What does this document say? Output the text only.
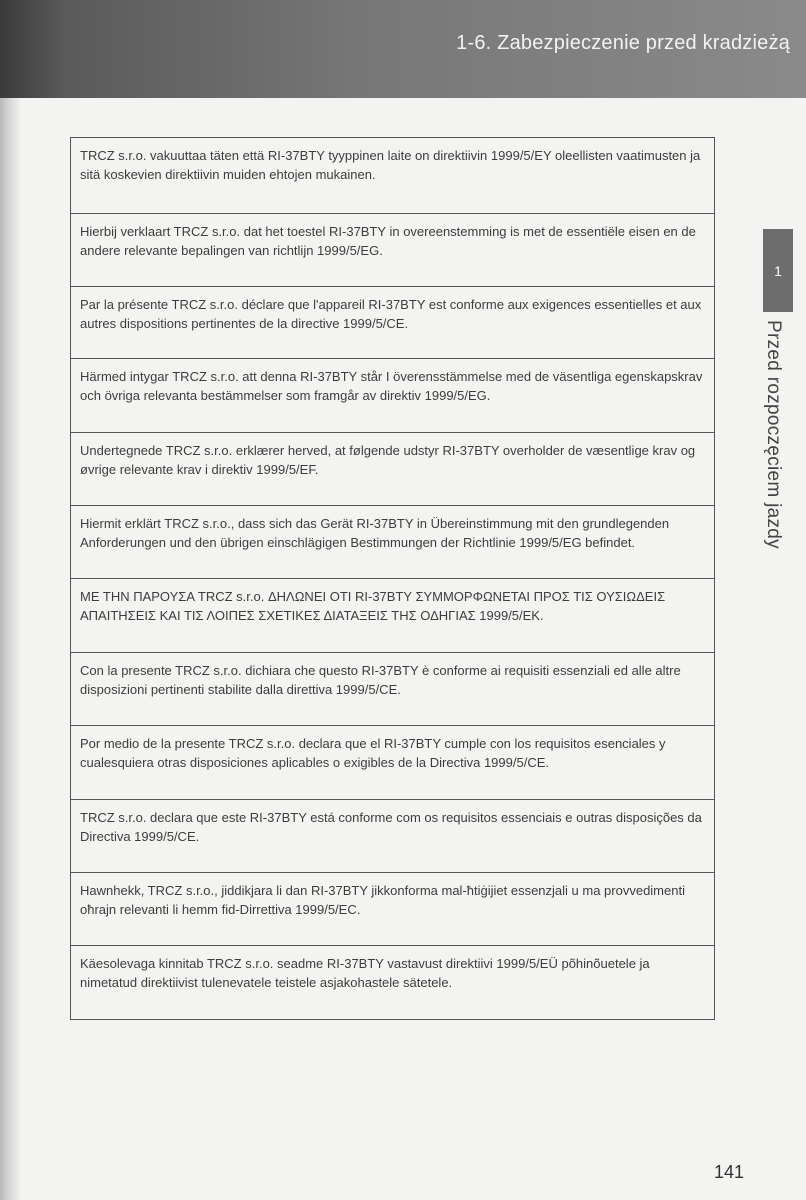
1-6. Zabezpieczenie przed kradzieżą
TRCZ s.r.o. vakuuttaa täten että RI-37BTY tyyppinen laite on direktiivin 1999/5/EY oleellisten vaatimusten ja sitä koskevien direktiivin muiden ehtojen mukainen.
Hierbij verklaart TRCZ s.r.o. dat het toestel RI-37BTY in overeenstemming is met de essentiële eisen en de andere relevante bepalingen van richtlijn 1999/5/EG.
Par la présente TRCZ s.r.o. déclare que l'appareil RI-37BTY est conforme aux exigences essentielles et aux autres dispositions pertinentes de la directive 1999/5/CE.
Härmed intygar TRCZ s.r.o. att denna RI-37BTY står I överensstämmelse med de väsentliga egenskapskrav och övriga relevanta bestämmelser som framgår av direktiv 1999/5/EG.
Undertegnede TRCZ s.r.o. erklærer herved, at følgende udstyr RI-37BTY overholder de væsentlige krav og øvrige relevante krav i direktiv 1999/5/EF.
Hiermit erklärt TRCZ s.r.o., dass sich das Gerät RI-37BTY in Übereinstimmung mit den grundlegenden Anforderungen und den übrigen einschlägigen Bestimmungen der Richtlinie 1999/5/EG befindet.
ΜΕ ΤΗΝ ΠΑΡΟΥΣΑ TRCZ s.r.o. ΔΗΛΩΝΕΙ ΟΤΙ RI-37BTY ΣΥΜΜΟΡΦΩΝΕΤΑΙ ΠΡΟΣ ΤΙΣ ΟΥΣΙΩΔΕΙΣ ΑΠΑΙΤΗΣΕΙΣ ΚΑΙ ΤΙΣ ΛΟΙΠΕΣ ΣΧΕΤΙΚΕΣ ΔΙΑΤΑΞΕΙΣ ΤΗΣ ΟΔΗΓΙΑΣ 1999/5/ΕΚ.
Con la presente TRCZ s.r.o. dichiara che questo RI-37BTY è conforme ai requisiti essenziali ed alle altre disposizioni pertinenti stabilite dalla direttiva 1999/5/CE.
Por medio de la presente TRCZ s.r.o. declara que el RI-37BTY cumple con los requisitos esenciales y cualesquiera otras disposiciones aplicables o exigibles de la Directiva 1999/5/CE.
TRCZ s.r.o. declara que este RI-37BTY está conforme com os requisitos essenciais e outras disposições da Directiva 1999/5/CE.
Hawnhekk, TRCZ s.r.o., jiddikjara li dan RI-37BTY jikkonforma mal-ħtiġijiet essenzjali u ma provvedimenti oħrajn relevanti li hemm fid-Dirrettiva 1999/5/EC.
Käesolevaga kinnitab TRCZ s.r.o. seadme RI-37BTY vastavust direktiivi 1999/5/EÜ põhinõuetele ja nimetatud direktiivist tulenevatele teistele asjakohastele sätetele.
1
Przed rozpoczęciem jazdy
141
